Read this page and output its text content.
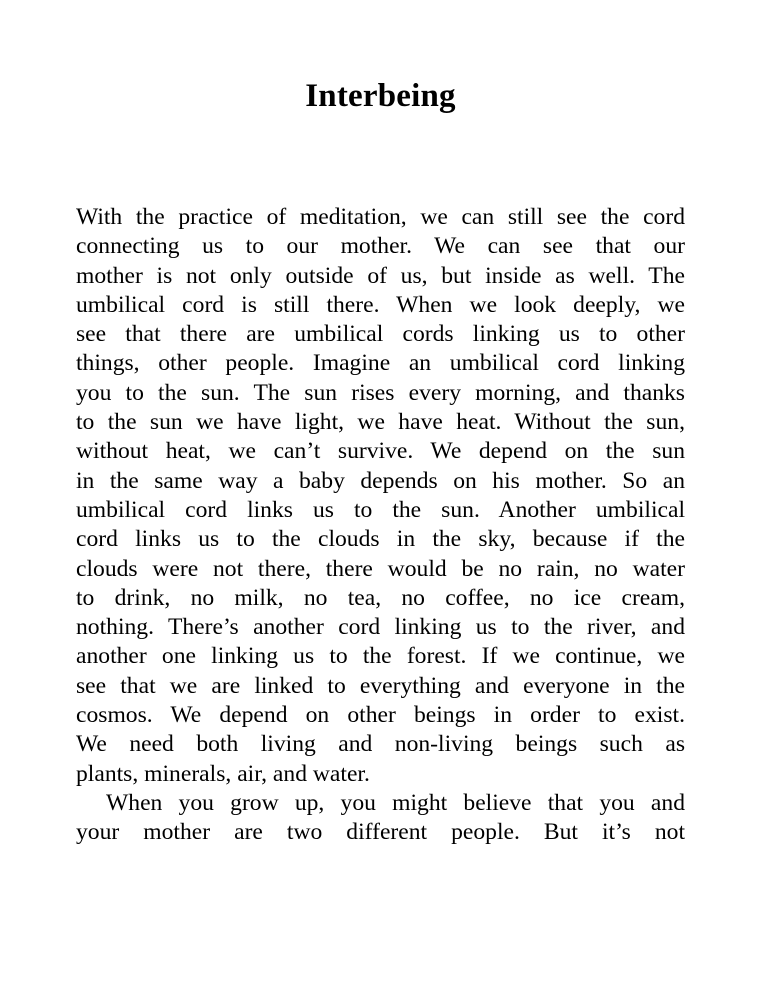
Interbeing
With the practice of meditation, we can still see the cord
connecting us to our mother. We can see that our
mother is not only outside of us, but inside as well. The
umbilical cord is still there. When we look deeply, we
see that there are umbilical cords linking us to other
things, other people. Imagine an umbilical cord linking
you to the sun. The sun rises every morning, and thanks
to the sun we have light, we have heat. Without the sun,
without heat, we can’t survive. We depend on the sun
in the same way a baby depends on his mother. So an
umbilical cord links us to the sun. Another umbilical
cord links us to the clouds in the sky, because if the
clouds were not there, there would be no rain, no water
to drink, no milk, no tea, no coffee, no ice cream,
nothing. There’s another cord linking us to the river, and
another one linking us to the forest. If we continue, we
see that we are linked to everything and everyone in the
cosmos. We depend on other beings in order to exist.
We need both living and non-living beings such as
plants, minerals, air, and water.
When you grow up, you might believe that you and
your mother are two different people. But it’s not
